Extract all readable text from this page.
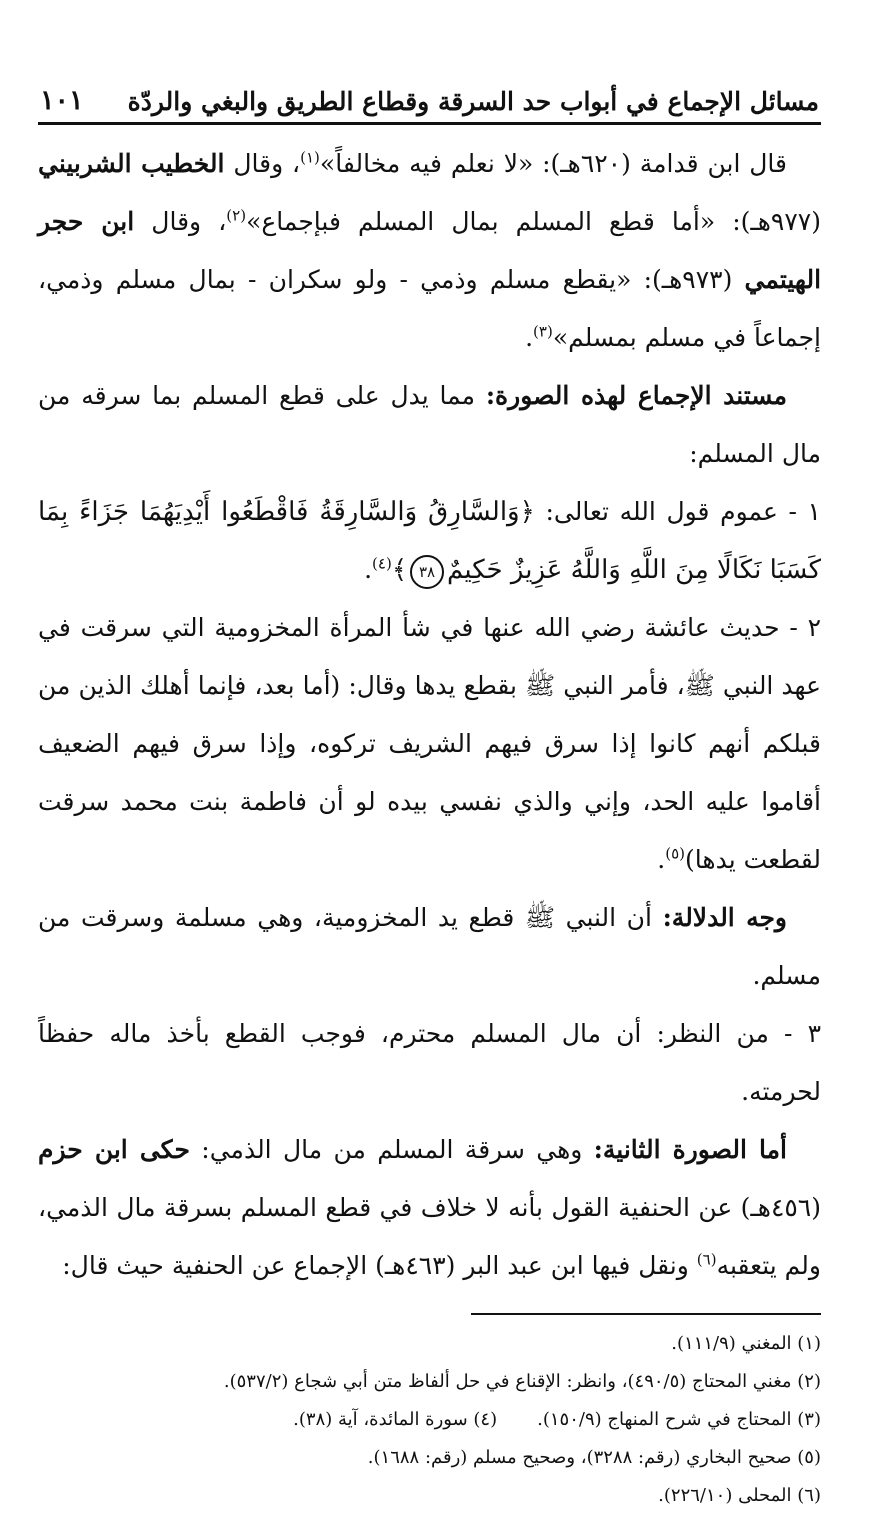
مسائل الإجماع في أبواب حد السرقة وقطاع الطريق والبغي والردّة
١٠١

قال ابن قدامة (٦٢٠هـ): «لا نعلم فيه مخالفاً»$^{(١)}$، وقال الخطيب الشربيني (٩٧٧هـ): «أما قطع المسلم بمال المسلم فبإجماع»$^{(٢)}$، وقال ابن حجر الهيتمي (٩٧٣هـ): «يقطع مسلم وذمي - ولو سكران - بمال مسلم وذمي، إجماعاً في مسلم بمسلم»$^{(٣)}$.

مستند الإجماع لهذه الصورة: مما يدل على قطع المسلم بما سرقه من مال المسلم:

١ - عموم قول الله تعالى: ﴿وَالسَّارِقُ وَالسَّارِقَةُ فَاقْطَعُوا أَيْدِيَهُمَا جَزَاءً بِمَا كَسَبَا نَكَالًا مِنَ اللَّهِ وَاللَّهُ عَزِيزٌ حَكِيمٌ٣٨﴾$^{(٤)}$.

٢ - حديث عائشة رضي الله عنها في شأ المرأة المخزومية التي سرقت في عهد النبي ﷺ، فأمر النبي ﷺ بقطع يدها وقال: (أما بعد، فإنما أهلك الذين من قبلكم أنهم كانوا إذا سرق فيهم الشريف تركوه، وإذا سرق فيهم الضعيف أقاموا عليه الحد، وإني والذي نفسي بيده لو أن فاطمة بنت محمد سرقت لقطعت يدها)$^{(٥)}$.

وجه الدلالة: أن النبي ﷺ قطع يد المخزومية، وهي مسلمة وسرقت من مسلم.

٣ - من النظر: أن مال المسلم محترم، فوجب القطع بأخذ ماله حفظاً لحرمته.

أما الصورة الثانية: وهي سرقة المسلم من مال الذمي: حكى ابن حزم (٤٥٦هـ) عن الحنفية القول بأنه لا خلاف في قطع المسلم بسرقة مال الذمي، ولم يتعقبه$^{(٦)}$ ونقل فيها ابن عبد البر (٤٦٣هـ) الإجماع عن الحنفية حيث قال:

(١) المغني (١١١/٩).

(٢) مغني المحتاج (٤٩٠/٥)، وانظر: الإقناع في حل ألفاظ متن أبي شجاع (٥٣٧/٢).

(٣) المحتاج في شرح المنهاج (١٥٠/٩).(٤) سورة المائدة، آية (٣٨).

(٥) صحيح البخاري (رقم: ٣٢٨٨)، وصحيح مسلم (رقم: ١٦٨٨).

(٦) المحلى (٢٢٦/١٠).
